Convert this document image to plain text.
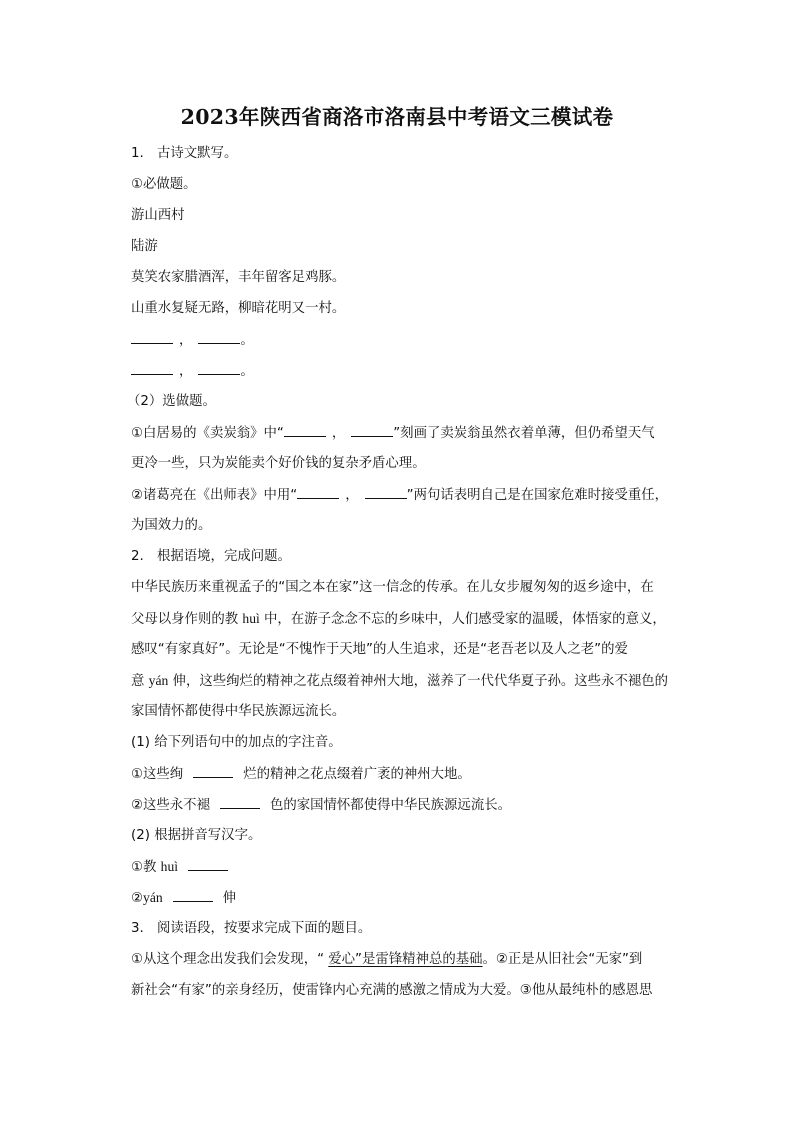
2023年陕西省商洛市洛南县中考语文三模试卷
1. 古诗文默写。
①必做题。
游山西村
陆游
莫笑农家腊酒浑，丰年留客足鸡豚。
山重水复疑无路，柳暗花明又一村。
，	。
，	。
（2）选做题。
①白居易的《卖炭翁》中“	，	”刻画了卖炭翁虽然衣着单薄，但仍希望天气
更冷一些，只为炭能卖个好价钱的复杂矛盾心理。
②诸葛亮在《出师表》中用“	，	”两句话表明自己是在国家危难时接受重任，
为国效力的。
2. 根据语境，完成问题。
中华民族历来重视孟子的“国之本在家”这一信念的传承。在儿女步履匆匆的返乡途中，在
父母以身作则的教 huì 中，在游子念念不忘的乡味中，人们感受家的温暖，体悟家的意义，
感叹“有家真好”。无论是“不愧怍于天地”的人生追求，还是“老吾老以及人之老”的爱
意 yán 伸，这些绚烂的精神之花点缀着神州大地，滋养了一代代华夏子孙。这些永不褪色的
家国情怀都使得中华民族源远流长。
(1) 给下列语句中的加点的字注音。
①这些绚	烂的精神之花点缀着广袤的神州大地。
②这些永不褪	色的家国情怀都使得中华民族源远流长。
(2) 根据拼音写汉字。
①教 huì
②yán	伸
3. 阅读语段，按要求完成下面的题目。
①从这个理念出发我们会发现，“ 爱心”是雷锋精神总的基础。②正是从旧社会“无家”到
新社会“有家”的亲身经历，使雷锋内心充满的感激之情成为大爱。③他从最纯朴的感恩思
